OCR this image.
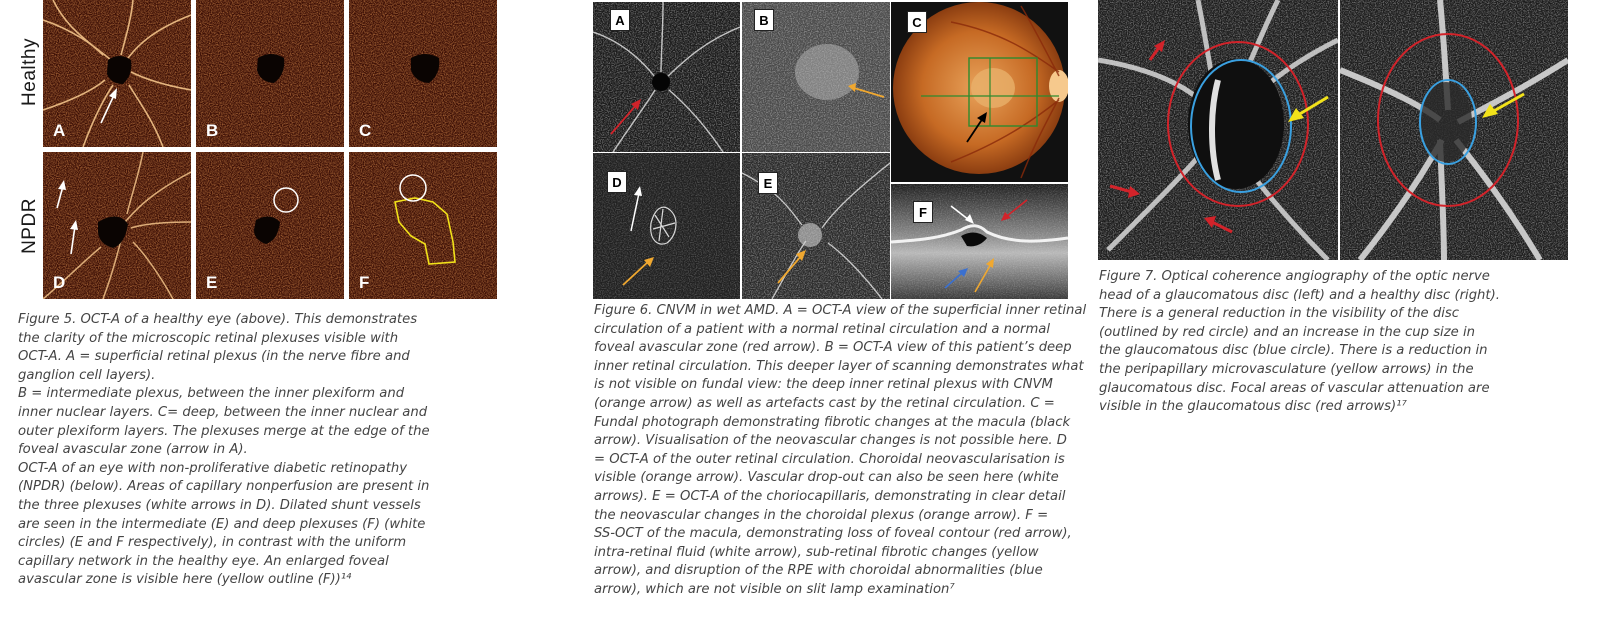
Healthy
NPDR
A	B	C
D	E	F
Figure 5. OCT-A of a healthy eye (above). This demonstrates
the clarity of the microscopic retinal plexuses visible with
OCT-A. A = superficial retinal plexus (in the nerve fibre and
ganglion cell layers).
B = intermediate plexus, between the inner plexiform and
inner nuclear layers. C= deep, between the inner nuclear and
outer plexiform layers. The plexuses merge at the edge of the
foveal avascular zone (arrow in A).
OCT-A of an eye with non-proliferative diabetic retinopathy
(NPDR) (below). Areas of capillary nonperfusion are present in
the three plexuses (white arrows in D). Dilated shunt vessels
are seen in the intermediate (E) and deep plexuses (F) (white
circles) (E and F respectively), in contrast with the uniform
capillary network in the healthy eye. An enlarged foveal
avascular zone is visible here (yellow outline (F))¹⁴
A	B	C
D	E
F
Figure 6. CNVM in wet AMD. A = OCT-A view of the superficial inner retinal
circulation of a patient with a normal retinal circulation and a normal
foveal avascular zone (red arrow). B = OCT-A view of this patient’s deep
inner retinal circulation. This deeper layer of scanning demonstrates what
is not visible on fundal view: the deep inner retinal plexus with CNVM
(orange arrow) as well as artefacts cast by the retinal circulation. C =
Fundal photograph demonstrating fibrotic changes at the macula (black
arrow). Visualisation of the neovascular changes is not possible here. D
= OCT-A of the outer retinal circulation. Choroidal neovascularisation is
visible (orange arrow). Vascular drop-out can also be seen here (white
arrows). E = OCT-A of the choriocapillaris, demonstrating in clear detail
the neovascular changes in the choroidal plexus (orange arrow). F =
SS-OCT of the macula, demonstrating loss of foveal contour (red arrow),
intra-retinal fluid (white arrow), sub-retinal fibrotic changes (yellow
arrow), and disruption of the RPE with choroidal abnormalities (blue
arrow), which are not visible on slit lamp examination⁷
Figure 7. Optical coherence angiography of the optic nerve
head of a glaucomatous disc (left) and a healthy disc (right).
There is a general reduction in the visibility of the disc
(outlined by red circle) and an increase in the cup size in
the glaucomatous disc (blue circle). There is a reduction in
the peripapillary microvasculature (yellow arrows) in the
glaucomatous disc. Focal areas of vascular attenuation are
visible in the glaucomatous disc (red arrows)¹⁷
